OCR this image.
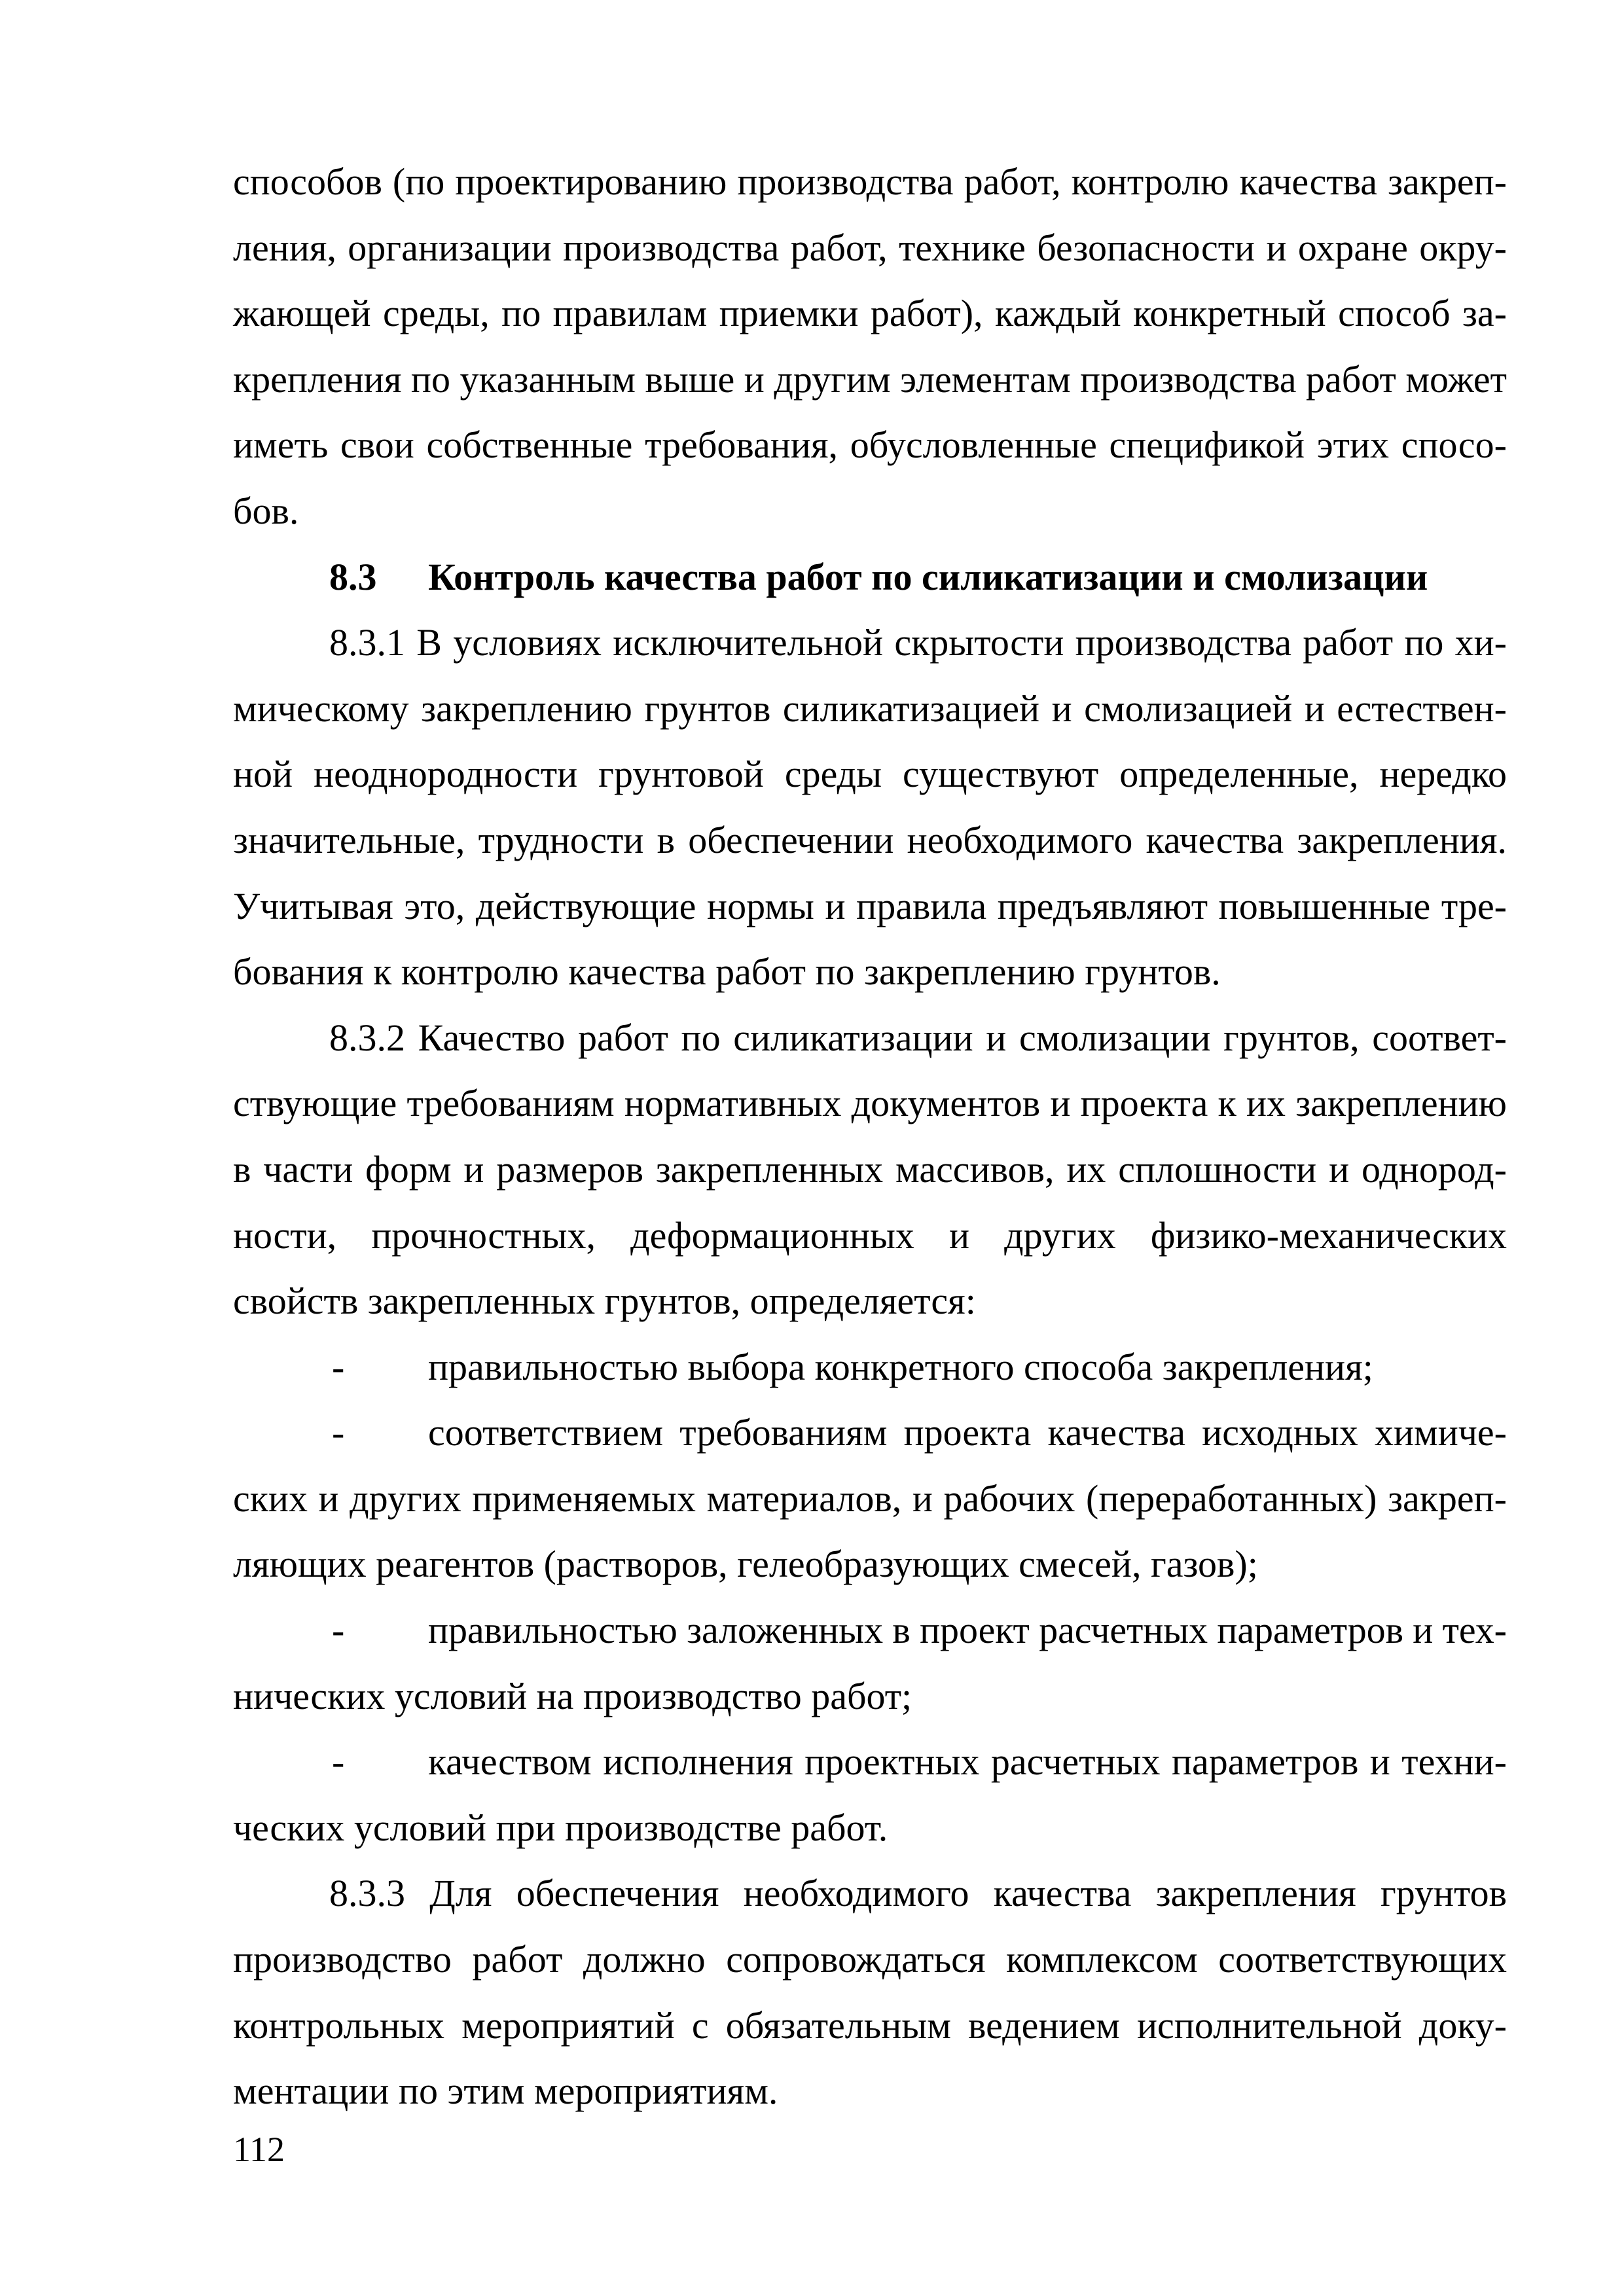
способов (по проектированию производства работ, контролю качества закреп-
ления, организации производства работ, технике безопасности и охране окру-
жающей среды, по правилам приемки работ), каждый конкретный способ за-
крепления по указанным выше и другим элементам производства работ может
иметь свои собственные требования, обусловленные спецификой этих спосо-
бов.
8.3 Контроль качества работ по силикатизации и смолизации
8.3.1 В условиях исключительной скрытости производства работ по хи-
мическому закреплению грунтов силикатизацией и смолизацией и естествен-
ной неоднородности грунтовой среды существуют определенные, нередко
значительные, трудности в обеспечении необходимого качества закрепления.
Учитывая это, действующие нормы и правила предъявляют повышенные тре-
бования к контролю качества работ по закреплению грунтов.
8.3.2 Качество работ по силикатизации и смолизации грунтов, соответ-
ствующие требованиям нормативных документов и проекта к их закреплению
в части форм и размеров закрепленных массивов, их сплошности и однород-
ности, прочностных, деформационных и других физико-механических
свойств закрепленных грунтов, определяется:
- правильностью выбора конкретного способа закрепления;
- соответствием требованиям проекта качества исходных химиче-
ских и других применяемых материалов, и рабочих (переработанных) закреп-
ляющих реагентов (растворов, гелеобразующих смесей, газов);
- правильностью заложенных в проект расчетных параметров и тех-
нических условий на производство работ;
- качеством исполнения проектных расчетных параметров и техни-
ческих условий при производстве работ.
8.3.3 Для обеспечения необходимого качества закрепления грунтов
производство работ должно сопровождаться комплексом соответствующих
контрольных мероприятий с обязательным ведением исполнительной доку-
ментации по этим мероприятиям.
112
